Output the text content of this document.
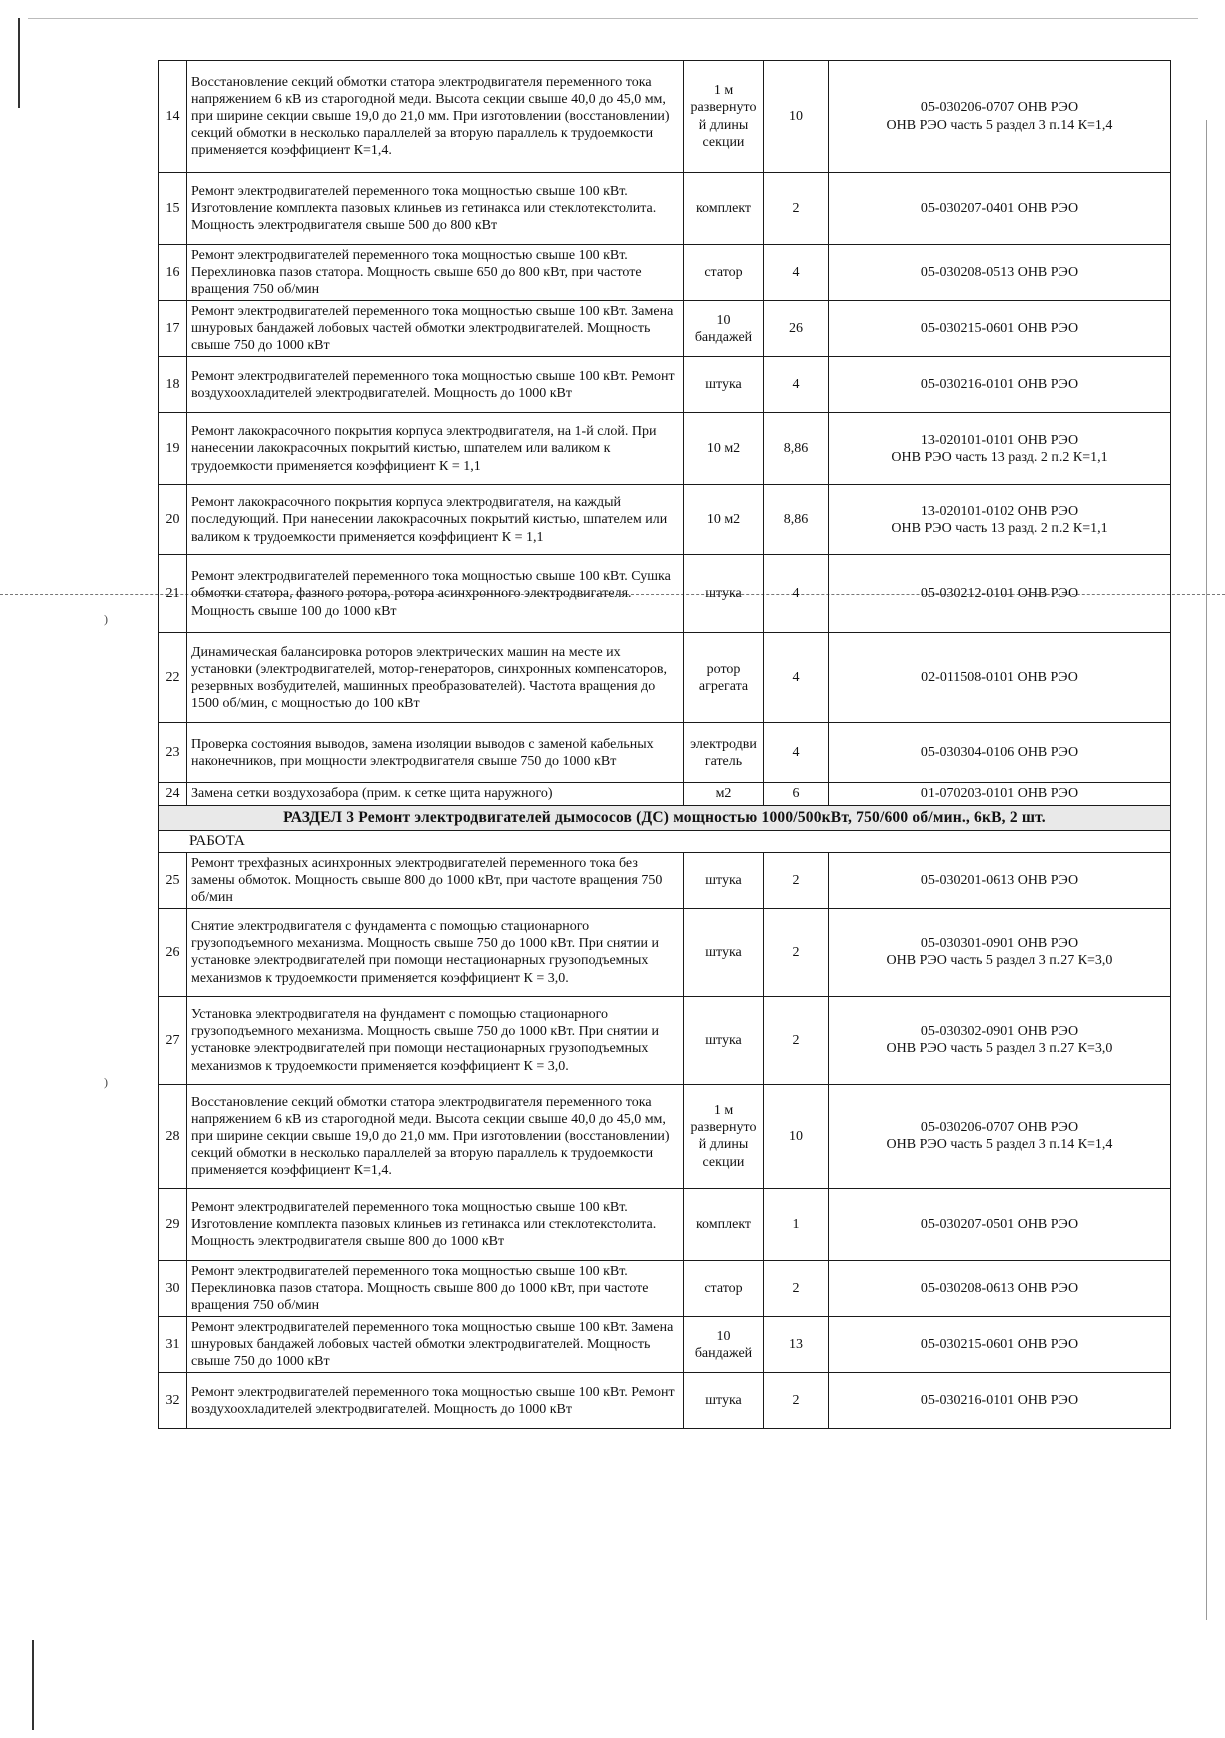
)
)
14	Восстановление секций обмотки статора электродвигателя переменного тока напряжением 6 кВ из старогодной меди. Высота секции свыше 40,0 до 45,0 мм, при ширине секции свыше 19,0 до 21,0 мм. При изготовлении (восстановлении) секций обмотки в несколько параллелей за вторую параллель к трудоемкости применяется коэффициент К=1,4.	1 м развернуто й длины секции	10	05-030206-0707 ОНВ РЭО
ОНВ РЭО часть 5 раздел 3 п.14 К=1,4

15	Ремонт электродвигателей переменного тока мощностью свыше 100 кВт. Изготовление комплекта пазовых клиньев из гетинакса или стеклотекстолита. Мощность электродвигателя свыше 500 до 800 кВт	комплект	2	05-030207-0401 ОНВ РЭО

16	Ремонт электродвигателей переменного тока мощностью свыше 100 кВт. Перехлиновка пазов статора. Мощность свыше 650 до 800 кВт, при частоте вращения 750 об/мин	статор	4	05-030208-0513 ОНВ РЭО

17	Ремонт электродвигателей переменного тока мощностью свыше 100 кВт. Замена шнуровых бандажей лобовых частей обмотки электродвигателей. Мощность свыше 750 до 1000 кВт	10 бандажей	26	05-030215-0601 ОНВ РЭО

18	Ремонт электродвигателей переменного тока мощностью свыше 100 кВт. Ремонт воздухоохладителей электродвигателей. Мощность до 1000 кВт	штука	4	05-030216-0101 ОНВ РЭО

19	Ремонт лакокрасочного покрытия корпуса электродвигателя, на 1-й слой. При нанесении лакокрасочных покрытий кистью, шпателем или валиком к трудоемкости применяется коэффициент К = 1,1	10 м2	8,86	13-020101-0101 ОНВ РЭО
ОНВ РЭО часть 13 разд. 2 п.2 К=1,1

20	Ремонт лакокрасочного покрытия корпуса электродвигателя, на каждый последующий. При нанесении лакокрасочных покрытий кистью, шпателем или валиком к трудоемкости применяется коэффициент К = 1,1	10 м2	8,86	13-020101-0102 ОНВ РЭО
ОНВ РЭО часть 13 разд. 2 п.2 К=1,1

21	Ремонт электродвигателей переменного тока мощностью свыше 100 кВт. Сушка обмотки статора, фазного ротора, ротора асинхронного электродвигателя. Мощность свыше 100 до 1000 кВт	штука	4	05-030212-0101 ОНВ РЭО

22	Динамическая балансировка роторов электрических машин на месте их установки (электродвигателей, мотор-генераторов, синхронных компенсаторов, резервных возбудителей, машинных преобразователей). Частота вращения до 1500 об/мин, с мощностью до 100 кВт	ротор агрегата	4	02-011508-0101 ОНВ РЭО

23	Проверка состояния выводов, замена изоляции выводов с заменой кабельных наконечников, при мощности электродвигателя свыше 750 до 1000 кВт	электродви гатель	4	05-030304-0106 ОНВ РЭО

24	Замена сетки воздухозабора (прим. к сетке щита наружного)	м2	6	01-070203-0101 ОНВ РЭО

РАЗДЕЛ 3 Ремонт электродвигателей дымососов (ДС) мощностью 1000/500кВт, 750/600 об/мин., 6кВ, 2 шт.				
РАБОТА				
25	Ремонт трехфазных асинхронных электродвигателей переменного тока без замены обмоток. Мощность свыше 800 до 1000 кВт, при частоте вращения 750 об/мин	штука	2	05-030201-0613 ОНВ РЭО

26	Снятие электродвигателя с фундамента с помощью стационарного грузоподъемного механизма. Мощность свыше 750 до 1000 кВт. При снятии и установке электродвигателей при помощи нестационарных грузоподъемных механизмов к трудоемкости применяется коэффициент К = 3,0.	штука	2	05-030301-0901 ОНВ РЭО
ОНВ РЭО часть 5 раздел 3 п.27 К=3,0

27	Установка электродвигателя на фундамент с помощью стационарного грузоподъемного механизма. Мощность свыше 750 до 1000 кВт. При снятии и установке электродвигателей при помощи нестационарных грузоподъемных механизмов к трудоемкости применяется коэффициент К = 3,0.	штука	2	05-030302-0901 ОНВ РЭО
ОНВ РЭО часть 5 раздел 3 п.27 К=3,0

28	Восстановление секций обмотки статора электродвигателя переменного тока напряжением 6 кВ из старогодной меди. Высота секции свыше 40,0 до 45,0 мм, при ширине секции свыше 19,0 до 21,0 мм. При изготовлении (восстановлении) секций обмотки в несколько параллелей за вторую параллель к трудоемкости применяется коэффициент К=1,4.	1 м развернуто й длины секции	10	05-030206-0707 ОНВ РЭО
ОНВ РЭО часть 5 раздел 3 п.14 К=1,4

29	Ремонт электродвигателей переменного тока мощностью свыше 100 кВт. Изготовление комплекта пазовых клиньев из гетинакса или стеклотекстолита. Мощность электродвигателя свыше 800 до 1000 кВт	комплект	1	05-030207-0501 ОНВ РЭО

30	Ремонт электродвигателей переменного тока мощностью свыше 100 кВт. Переклиновка пазов статора. Мощность свыше 800 до 1000 кВт, при частоте вращения 750 об/мин	статор	2	05-030208-0613 ОНВ РЭО

31	Ремонт электродвигателей переменного тока мощностью свыше 100 кВт. Замена шнуровых бандажей лобовых частей обмотки электродвигателей. Мощность свыше 750 до 1000 кВт	10 бандажей	13	05-030215-0601 ОНВ РЭО

32	Ремонт электродвигателей переменного тока мощностью свыше 100 кВт. Ремонт воздухоохладителей электродвигателей. Мощность до 1000 кВт	штука	2	05-030216-0101 ОНВ РЭО
